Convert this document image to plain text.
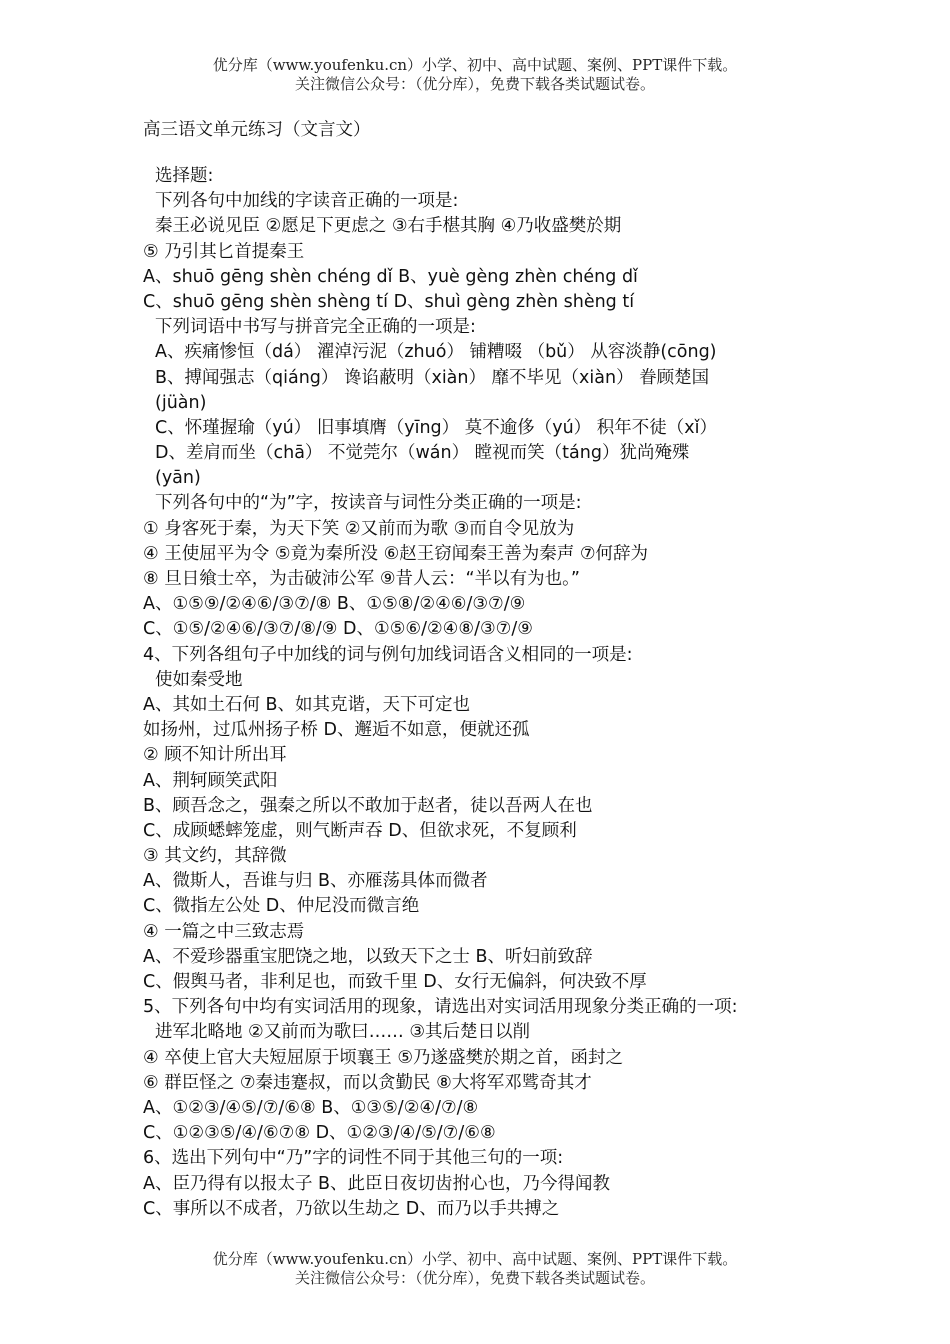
优分库（www.youfenku.cn）小学、初中、高中试题、案例、PPT课件下载。
关注微信公众号：（优分库），免费下载各类试题试卷。
高三语文单元练习（文言文）
选择题:
下列各句中加线的字读音正确的一项是:
秦王必说见臣 ②愿足下更虑之 ③右手椹其胸 ④乃收盛樊於期
⑤ 乃引其匕首提秦王
A、shuō gēng shèn chéng dǐ B、yuè gèng zhèn chéng dǐ
C、shuō gēng shèn shèng tí D、shuì gèng zhèn shèng tí
下列词语中书写与拼音完全正确的一项是:
A、疾痛惨恒（dá） 濯淖污泥（zhuó） 铺糟啜 （bǔ） 从容淡静(cōng)
B、搏闻强志（qiáng） 谗谄蔽明（xiàn） 靡不毕见（xiàn） 眷顾楚国
(jüàn)
C、怀瑾握瑜（yú） 旧事填膺（yīng） 莫不逾侈（yú） 积年不徒（xǐ）
D、差肩而坐（chā） 不觉莞尔（wán） 瞠视而笑（táng）犹尚殗殜
(yān)
下列各句中的“为”字，按读音与词性分类正确的一项是:
① 身客死于秦，为天下笑 ②又前而为歌 ③而自令见放为
④ 王使屈平为令 ⑤竟为秦所没 ⑥赵王窃闻秦王善为秦声 ⑦何辞为
⑧ 旦日飨士卒，为击破沛公军 ⑨昔人云：“半以有为也。”
A、①⑤⑨/②④⑥/③⑦/⑧ B、①⑤⑧/②④⑥/③⑦/⑨
C、①⑤/②④⑥/③⑦/⑧/⑨ D、①⑤⑥/②④⑧/③⑦/⑨
4、下列各组句子中加线的词与例句加线词语含义相同的一项是:
使如秦受地
A、其如土石何 B、如其克谐，天下可定也
如扬州，过瓜州扬子桥 D、邂逅不如意，便就还孤
② 顾不知计所出耳
A、荆轲顾笑武阳
B、顾吾念之，强秦之所以不敢加于赵者，徒以吾两人在也
C、成顾蟋蟀笼虚，则气断声吞 D、但欲求死，不复顾利
③ 其文约，其辞微
A、微斯人，吾谁与归 B、亦雁荡具体而微者
C、微指左公处 D、仲尼没而微言绝
④ 一篇之中三致志焉
A、不爱珍器重宝肥饶之地，以致天下之士 B、听妇前致辞
C、假舆马者，非利足也，而致千里 D、女行无偏斜，何决致不厚
5、下列各句中均有实词活用的现象，请选出对实词活用现象分类正确的一项:
进军北略地 ②又前而为歌曰…… ③其后楚日以削
④ 卒使上官大夫短屈原于顷襄王 ⑤乃遂盛樊於期之首，函封之
⑥ 群臣怪之 ⑦秦违蹇叔，而以贪勤民 ⑧大将军邓骘奇其才
A、①②③/④⑤/⑦/⑥⑧ B、①③⑤/②④/⑦/⑧
C、①②③⑤/④/⑥⑦⑧ D、①②③/④/⑤/⑦/⑥⑧
6、选出下列句中“乃”字的词性不同于其他三句的一项:
A、臣乃得有以报太子 B、此臣日夜切齿拊心也，乃今得闻教
C、事所以不成者，乃欲以生劫之 D、而乃以手共搏之
优分库（www.youfenku.cn）小学、初中、高中试题、案例、PPT课件下载。
关注微信公众号：（优分库），免费下载各类试题试卷。
